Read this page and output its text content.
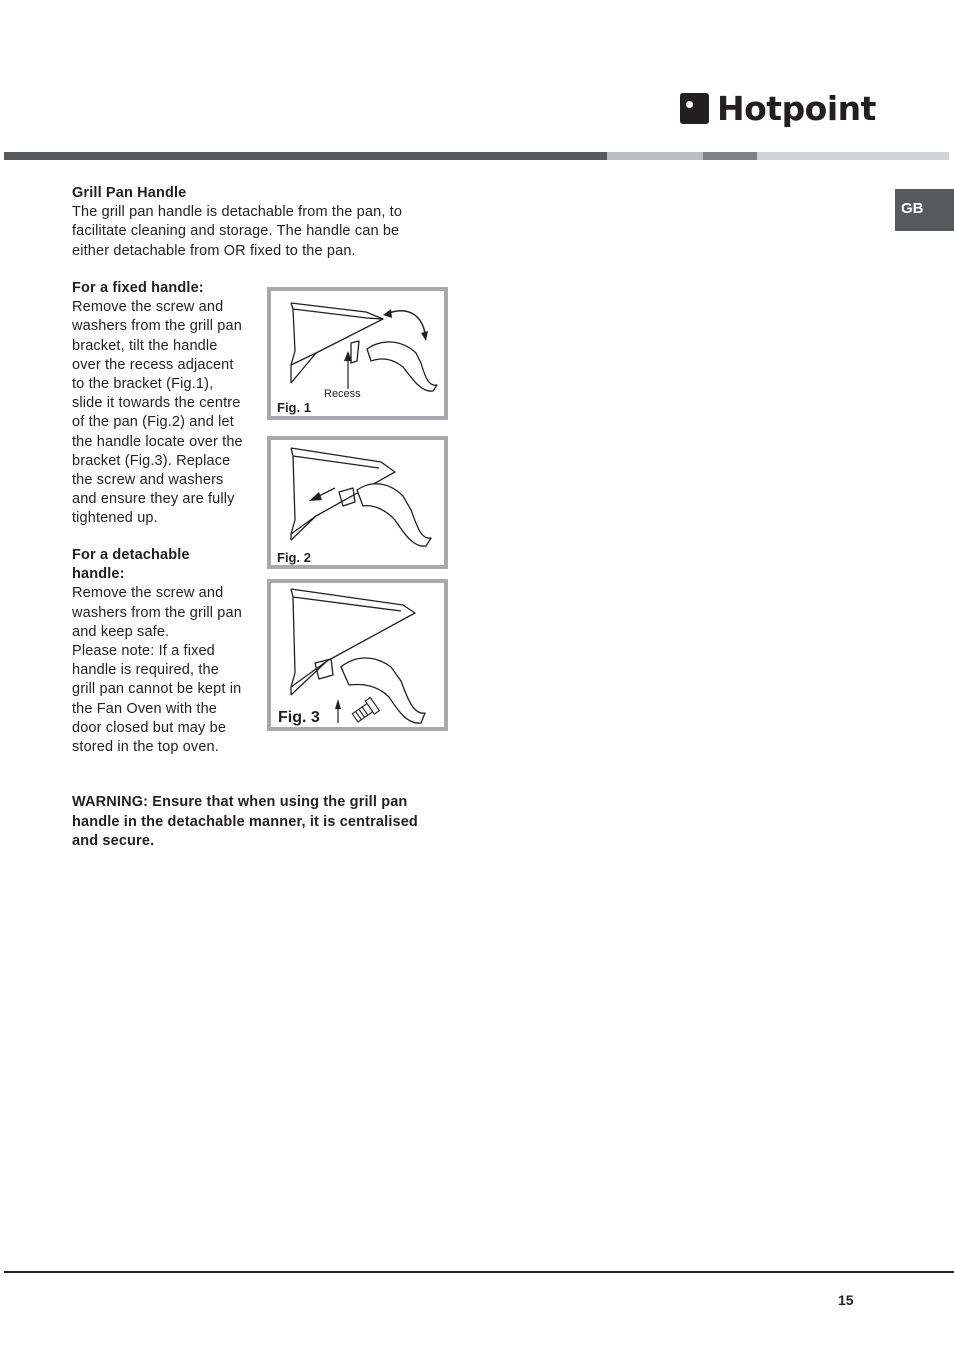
Hotpoint
GB

Grill Pan Handle

The grill pan handle is detachable from the pan, to

facilitate cleaning and storage. The handle can be

either detachable from OR fixed to the pan.

For a fixed handle:

Remove the screw and

washers from the grill pan

bracket, tilt the handle

over the recess adjacent

to the bracket (Fig.1),

slide it towards the centre

of the pan (Fig.2) and let

the handle locate over the

bracket (Fig.3). Replace

the screw and washers

and ensure they are fully

tightened up.

For a detachable

handle:

Remove the screw and

washers from the grill pan

and keep safe.

Please note: If a fixed

handle is required, the

grill pan cannot be kept in

the Fan Oven with the

door closed but may be

stored in the top oven.

WARNING: Ensure that when using the grill pan

handle in the detachable manner, it is centralised

and secure.

Recess
Fig. 1
Fig. 2
Fig. 3
15
